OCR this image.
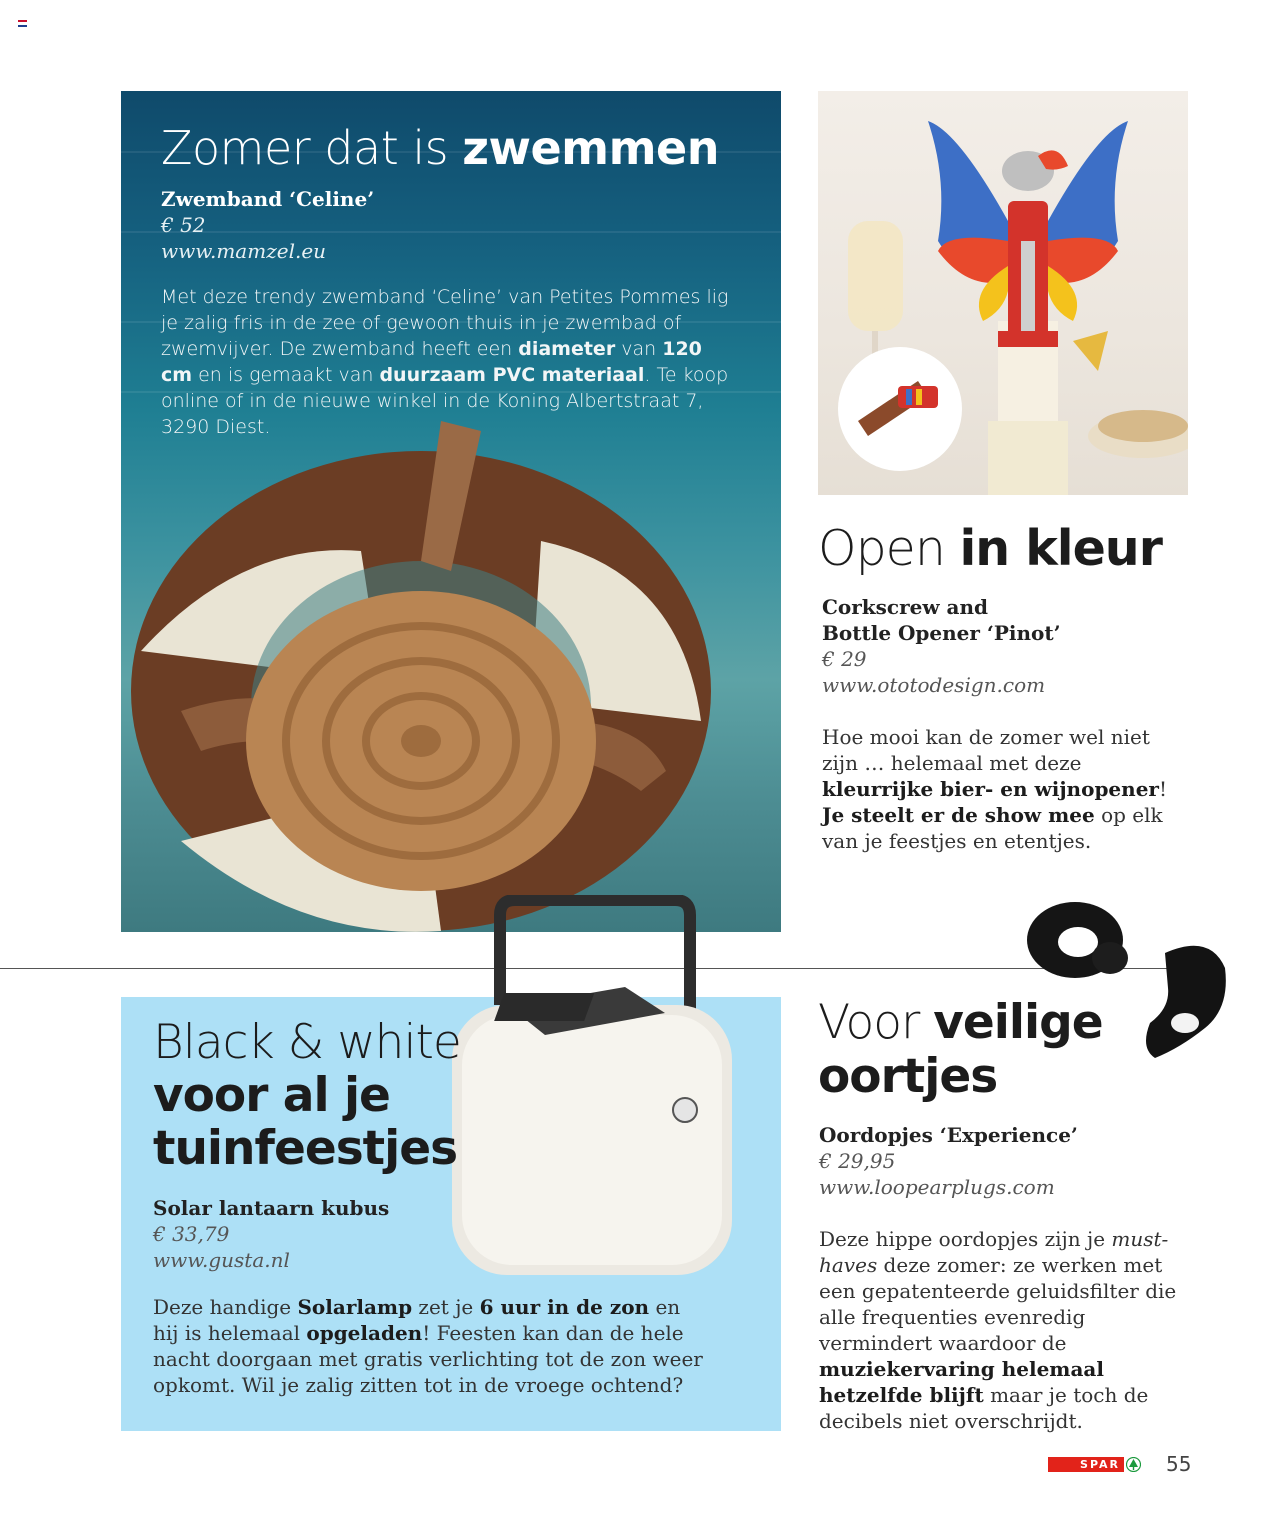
Zomer dat is zwemmen
Zwemband ‘Celine’
€ 52
www.mamzel.eu
Met deze trendy zwemband ‘Celine’ van Petites Pommes lig je zalig fris in de zee of gewoon thuis in je zwembad of zwemvijver. De zwemband heeft een diameter van 120 cm en is gemaakt van duurzaam PVC materiaal. Te koop online of in de nieuwe winkel in de Koning Albertstraat 7, 3290 Diest.
Open in kleur
Corkscrew and
Bottle Opener ‘Pinot’
€ 29
www.ototodesign.com
Hoe mooi kan de zomer wel niet zijn … helemaal met deze kleurrijke bier- en wijnopener! Je steelt er de show mee op elk van je feestjes en etentjes.
Black & white
voor al je
tuinfeestjes
Solar lantaarn kubus
€ 33,79
www.gusta.nl
Deze handige Solarlamp zet je 6 uur in de zon en hij is helemaal opgeladen! Feesten kan dan de hele nacht doorgaan met gratis verlichting tot de zon weer opkomt. Wil je zalig zitten tot in de vroege ochtend?
Voor veilige
oortjes
Oordopjes ‘Experience’
€ 29,95
www.loopearplugs.com
Deze hippe oordopjes zijn je must-haves deze zomer: ze werken met een gepatenteerde geluidsfilter die alle frequenties evenredig vermindert waardoor de muziekervaring helemaal hetzelfde blijft maar je toch de decibels niet overschrijdt.
SPAR 55
